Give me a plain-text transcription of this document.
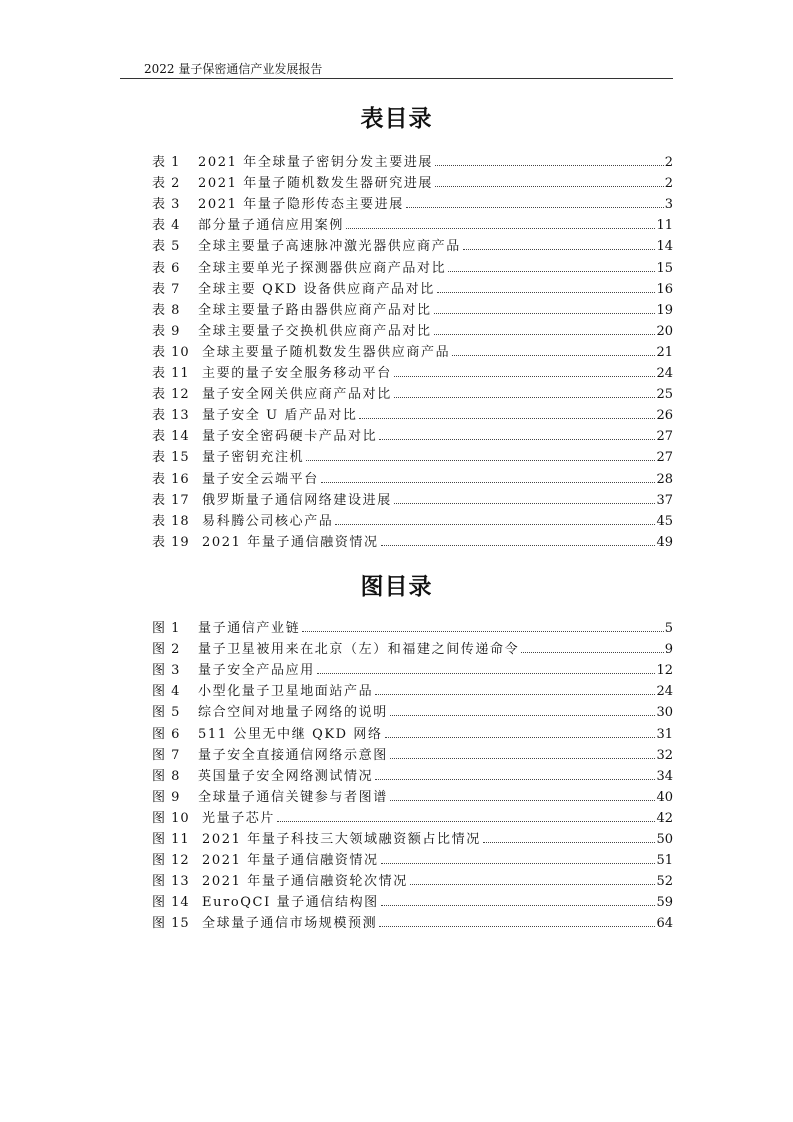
2022 量子保密通信产业发展报告
表目录
表 1	2021 年全球量子密钥分发主要进展	2
表 2	2021 年量子随机数发生器研究进展	2
表 3	2021 年量子隐形传态主要进展	3
表 4	部分量子通信应用案例	11
表 5	全球主要量子高速脉冲激光器供应商产品	14
表 6	全球主要单光子探测器供应商产品对比	15
表 7	全球主要 QKD 设备供应商产品对比	16
表 8	全球主要量子路由器供应商产品对比	19
表 9	全球主要量子交换机供应商产品对比	20
表 10 全球主要量子随机数发生器供应商产品	21
表 11 主要的量子安全服务移动平台	24
表 12 量子安全网关供应商产品对比	25
表 13 量子安全 U 盾产品对比	26
表 14 量子安全密码硬卡产品对比	27
表 15 量子密钥充注机	27
表 16 量子安全云端平台	28
表 17 俄罗斯量子通信网络建设进展	37
表 18 易科腾公司核心产品	45
表 19 2021 年量子通信融资情况	49
图目录
图 1	量子通信产业链	5
图 2	量子卫星被用来在北京（左）和福建之间传递命令	9
图 3	量子安全产品应用	12
图 4	小型化量子卫星地面站产品	24
图 5	综合空间对地量子网络的说明	30
图 6	511 公里无中继 QKD 网络	31
图 7	量子安全直接通信网络示意图	32
图 8	英国量子安全网络测试情况	34
图 9	全球量子通信关键参与者图谱	40
图 10 光量子芯片	42
图 11 2021 年量子科技三大领域融资额占比情况	50
图 12 2021 年量子通信融资情况	51
图 13 2021 年量子通信融资轮次情况	52
图 14 EuroQCI 量子通信结构图	59
图 15 全球量子通信市场规模预测	64
